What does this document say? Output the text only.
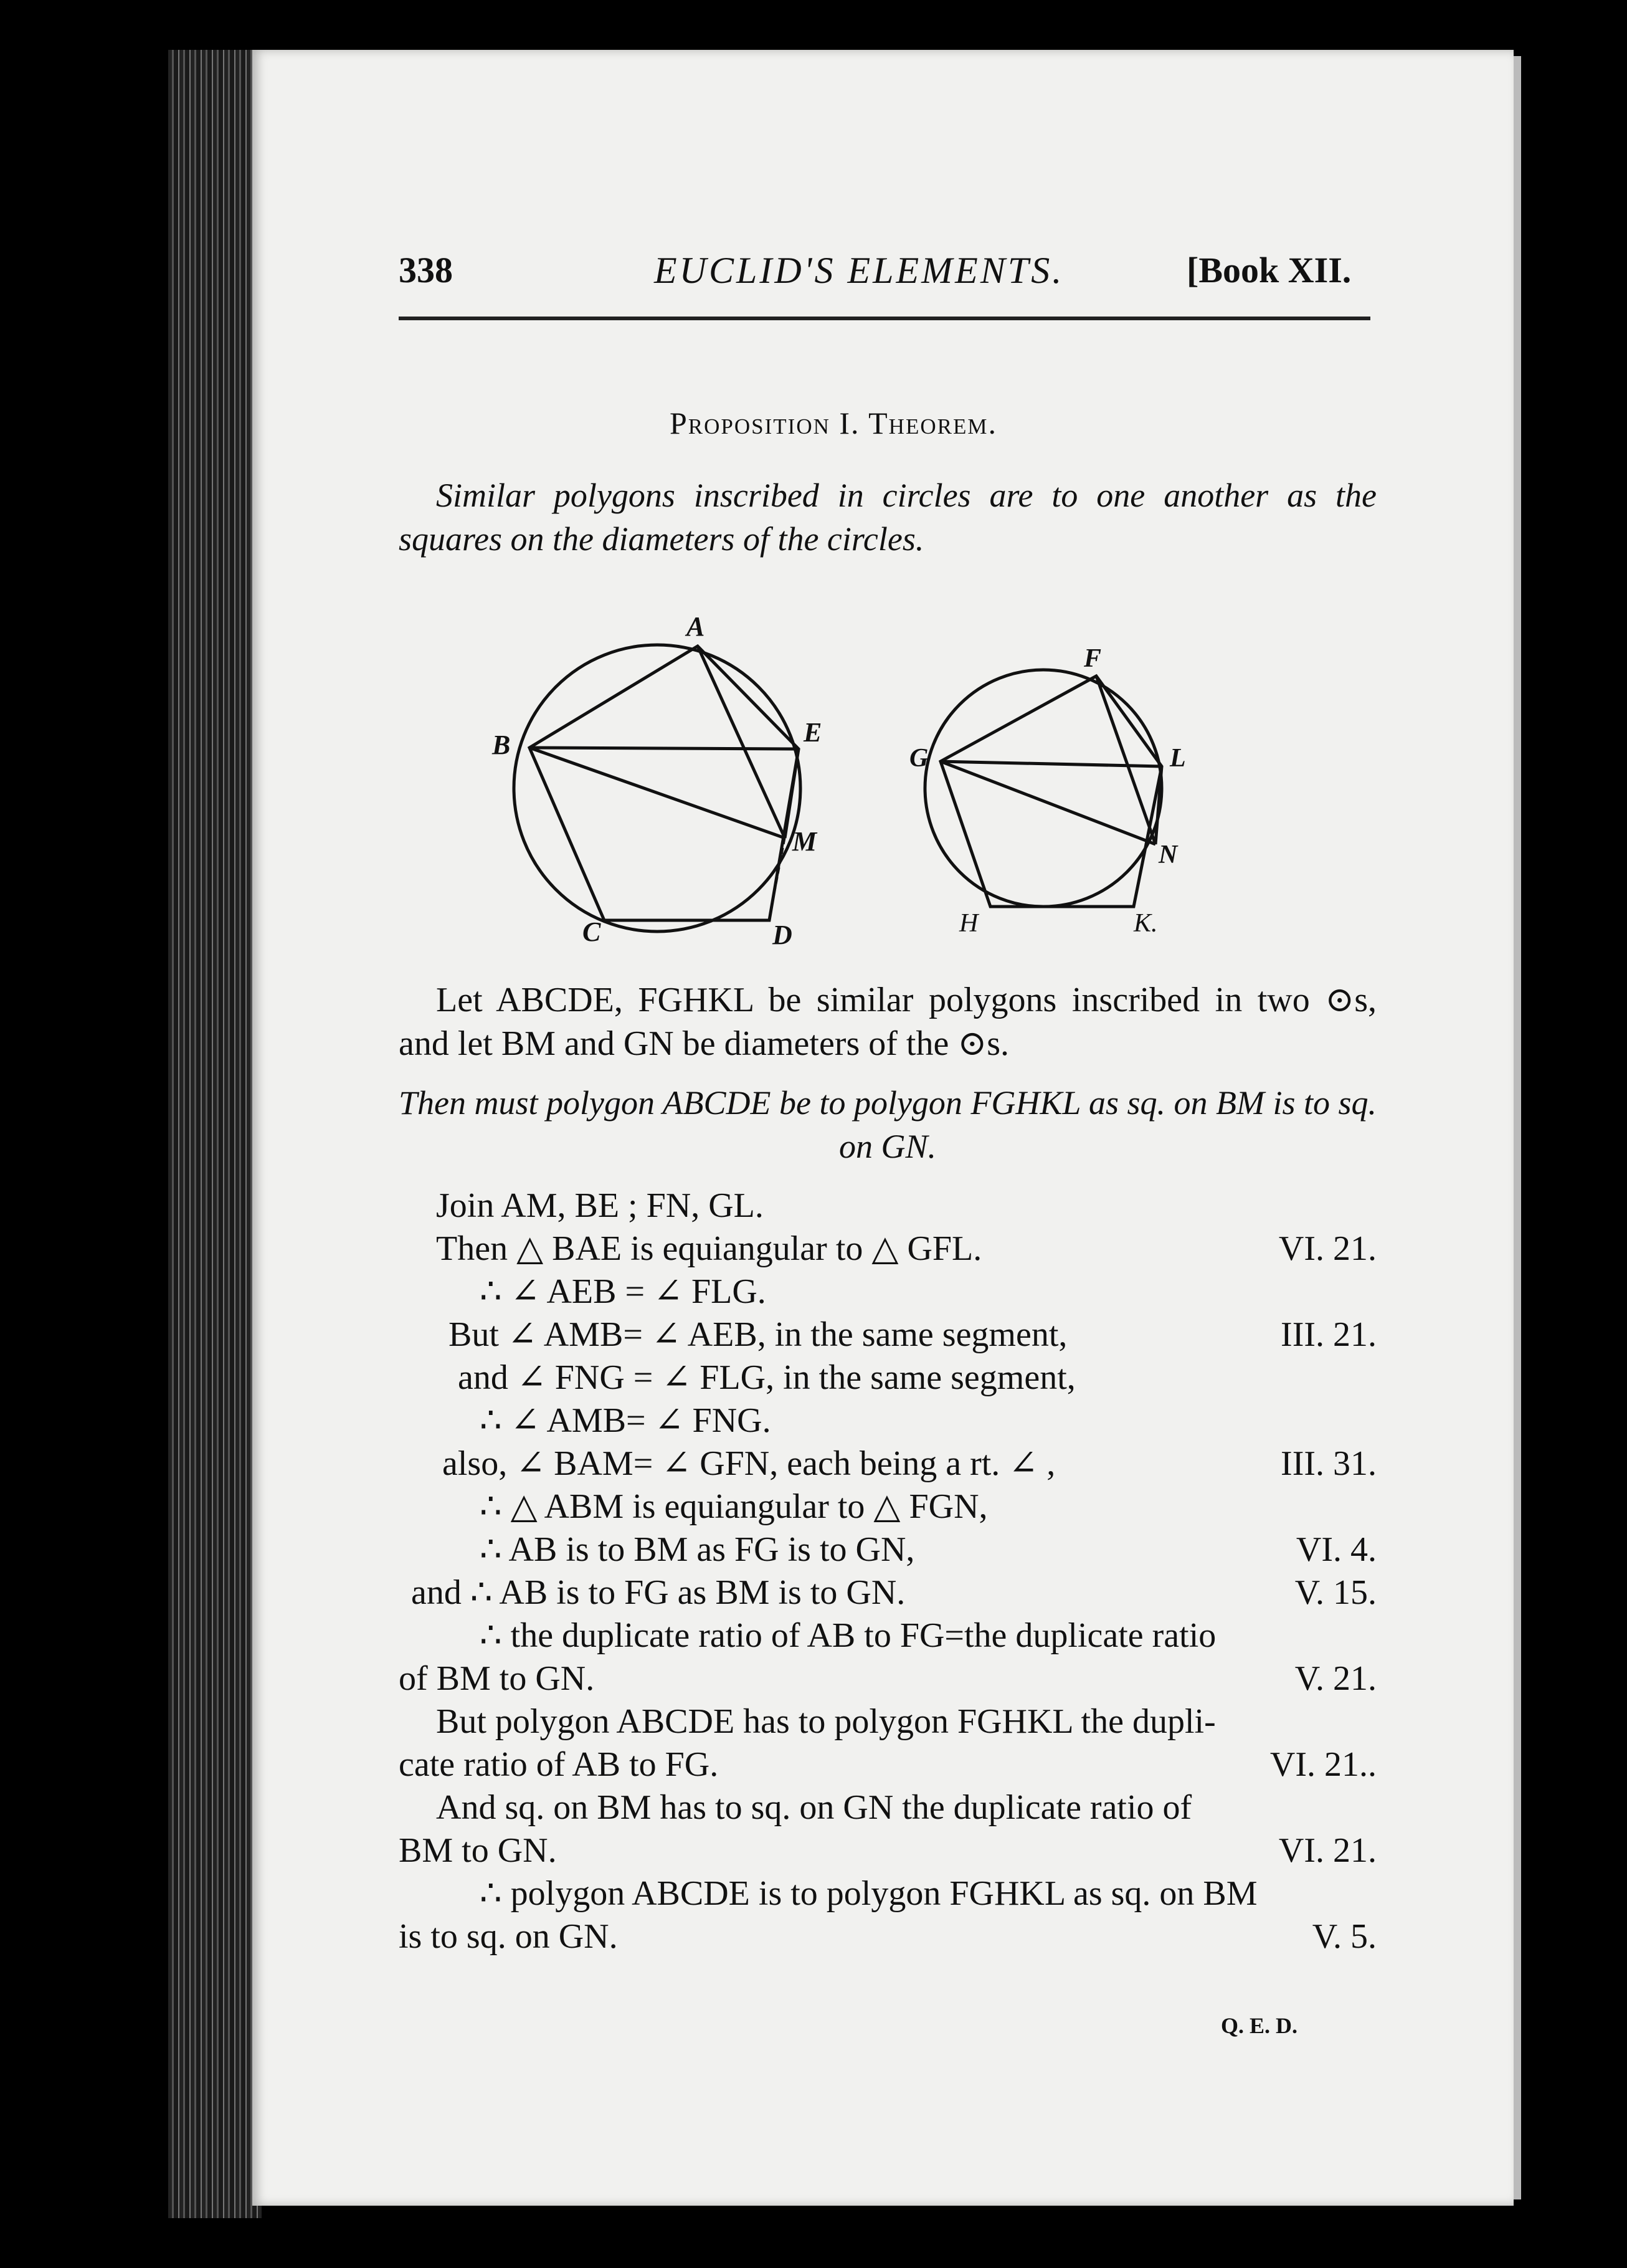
338	EUCLID'S ELEMENTS.	[Book XII.
Proposition I. Theorem.
Similar polygons inscribed in circles are to one another as the squares on the diameters of the circles.
A
B	E
M
C	D
F
G	L
N
H	K.
Let ABCDE, FGHKL be similar polygons inscribed in two ⊙s, and let BM and GN be diameters of the ⊙s.
Then must polygon ABCDE be to polygon FGHKL as sq. on BM is to sq. on GN.
Join AM, BE ; FN, GL.
Then △ BAE is equiangular to △ GFL.	VI. 21.
∴ ∠ AEB = ∠ FLG.
But ∠ AMB= ∠ AEB, in the same segment,	III. 21.
and ∠ FNG = ∠ FLG, in the same segment,
∴ ∠ AMB= ∠ FNG.
also, ∠ BAM= ∠ GFN, each being a rt. ∠ ,	III. 31.
∴ △ ABM is equiangular to △ FGN,
∴ AB is to BM as FG is to GN,	VI. 4.
and ∴ AB is to FG as BM is to GN.	V. 15.
∴ the duplicate ratio of AB to FG=the duplicate ratio
of BM to GN.	V. 21.
But polygon ABCDE has to polygon FGHKL the dupli-
cate ratio of AB to FG.	VI. 21..
And sq. on BM has to sq. on GN the duplicate ratio of
BM to GN.	VI. 21.
∴ polygon ABCDE is to polygon FGHKL as sq. on BM
is to sq. on GN.	V. 5.
Q. E. D.
